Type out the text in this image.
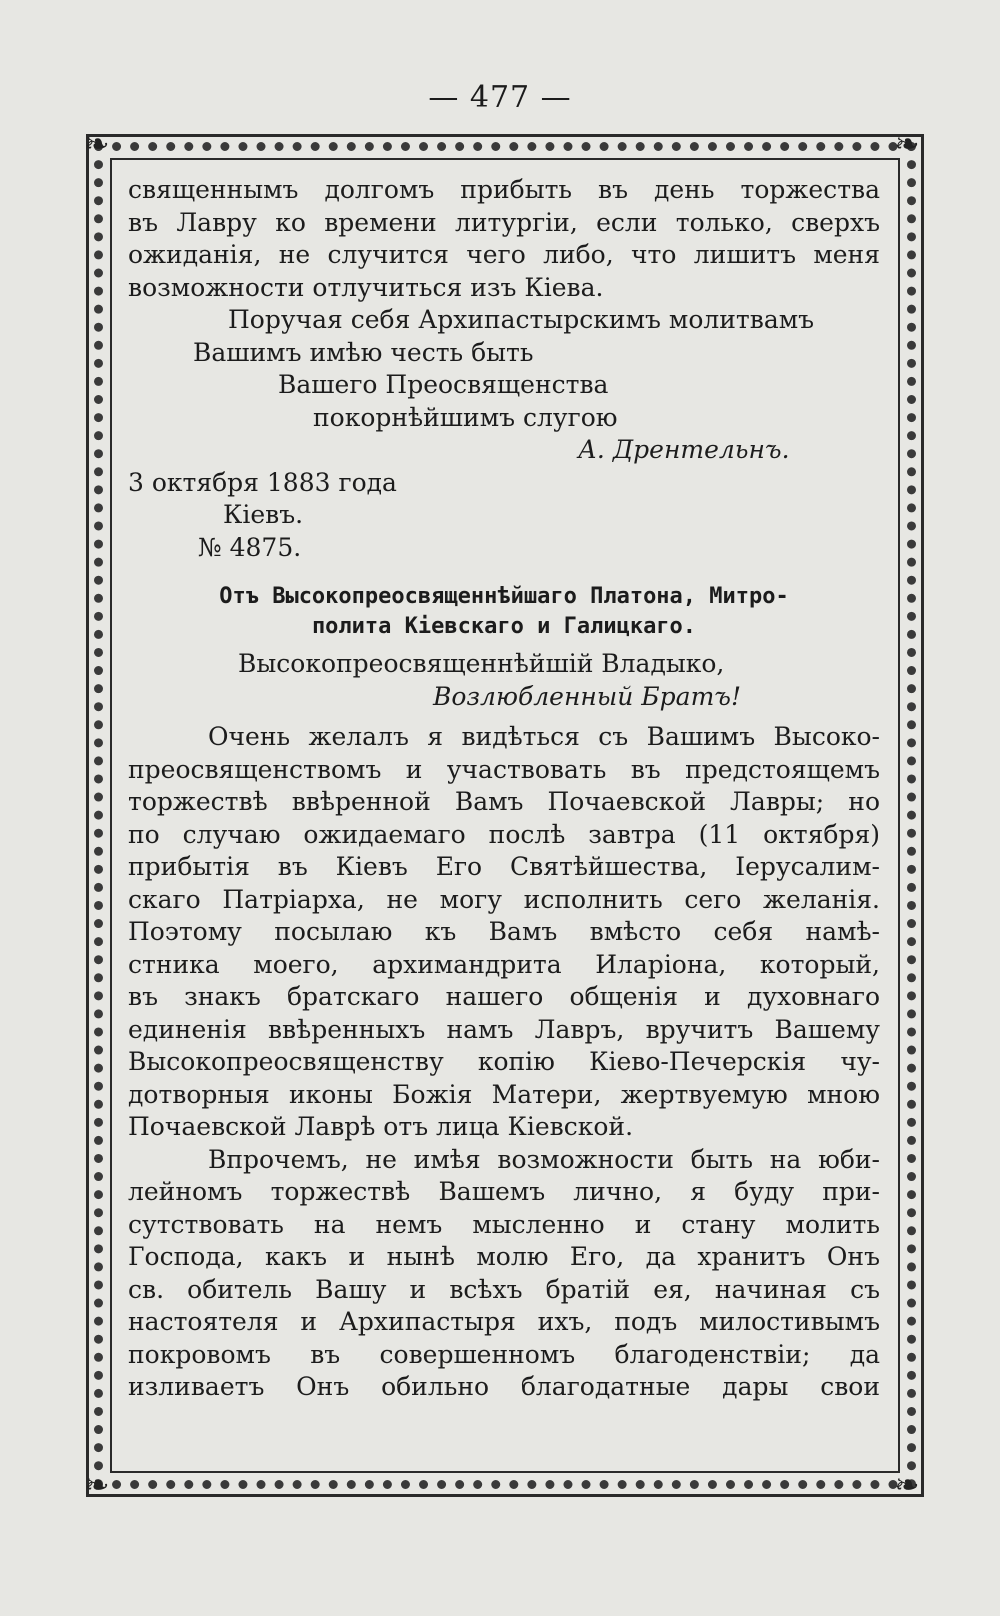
— 477 —
❧	❧
❧	❧

священнымъ долгомъ прибыть въ день торжества

въ Лавру ко времени литургіи, если только, сверхъ

ожиданія, не случится чего либо, что лишитъ меня

возможности отлучиться изъ Кіева.

Поручая себя Архипастырскимъ молитвамъ

Вашимъ имѣю честь быть

Вашего Преосвященства

покорнѣйшимъ слугою

А. Дрентельнъ.

3 октября 1883 года

Кіевъ.

№ 4875.

Отъ Высокопреосвященнѣйшаго Платона, Митро-
полита Кіевскаго и Галицкаго.

Высокопреосвященнѣйшій Владыко,

Возлюбленный Братъ!

Очень желалъ я видѣться съ Вашимъ Высоко-

преосвященствомъ и участвовать въ предстоящемъ

торжествѣ ввѣренной Вамъ Почаевской Лавры; но

по случаю ожидаемаго послѣ завтра (11 октября)

прибытія въ Кіевъ Его Святѣйшества, Іерусалим-

скаго Патріарха, не могу исполнить сего желанія.

Поэтому посылаю къ Вамъ вмѣсто себя намѣ-

стника моего, архимандрита Иларіона, который,

въ знакъ братскаго нашего общенія и духовнаго

единенія ввѣренныхъ намъ Лавръ, вручитъ Вашему

Высокопреосвященству копію Кіево-Печерскія чу-

дотворныя иконы Божія Матери, жертвуемую мною

Почаевской Лаврѣ отъ лица Кіевской.

Впрочемъ, не имѣя возможности быть на юби-

лейномъ торжествѣ Вашемъ лично, я буду при-

сутствовать на немъ мысленно и стану молить

Господа, какъ и нынѣ молю Его, да хранитъ Онъ

св. обитель Вашу и всѣхъ братій ея, начиная съ

настоятеля и Архипастыря ихъ, подъ милостивымъ

покровомъ въ совершенномъ благоденствіи; да

изливаетъ Онъ обильно благодатные дары свои
